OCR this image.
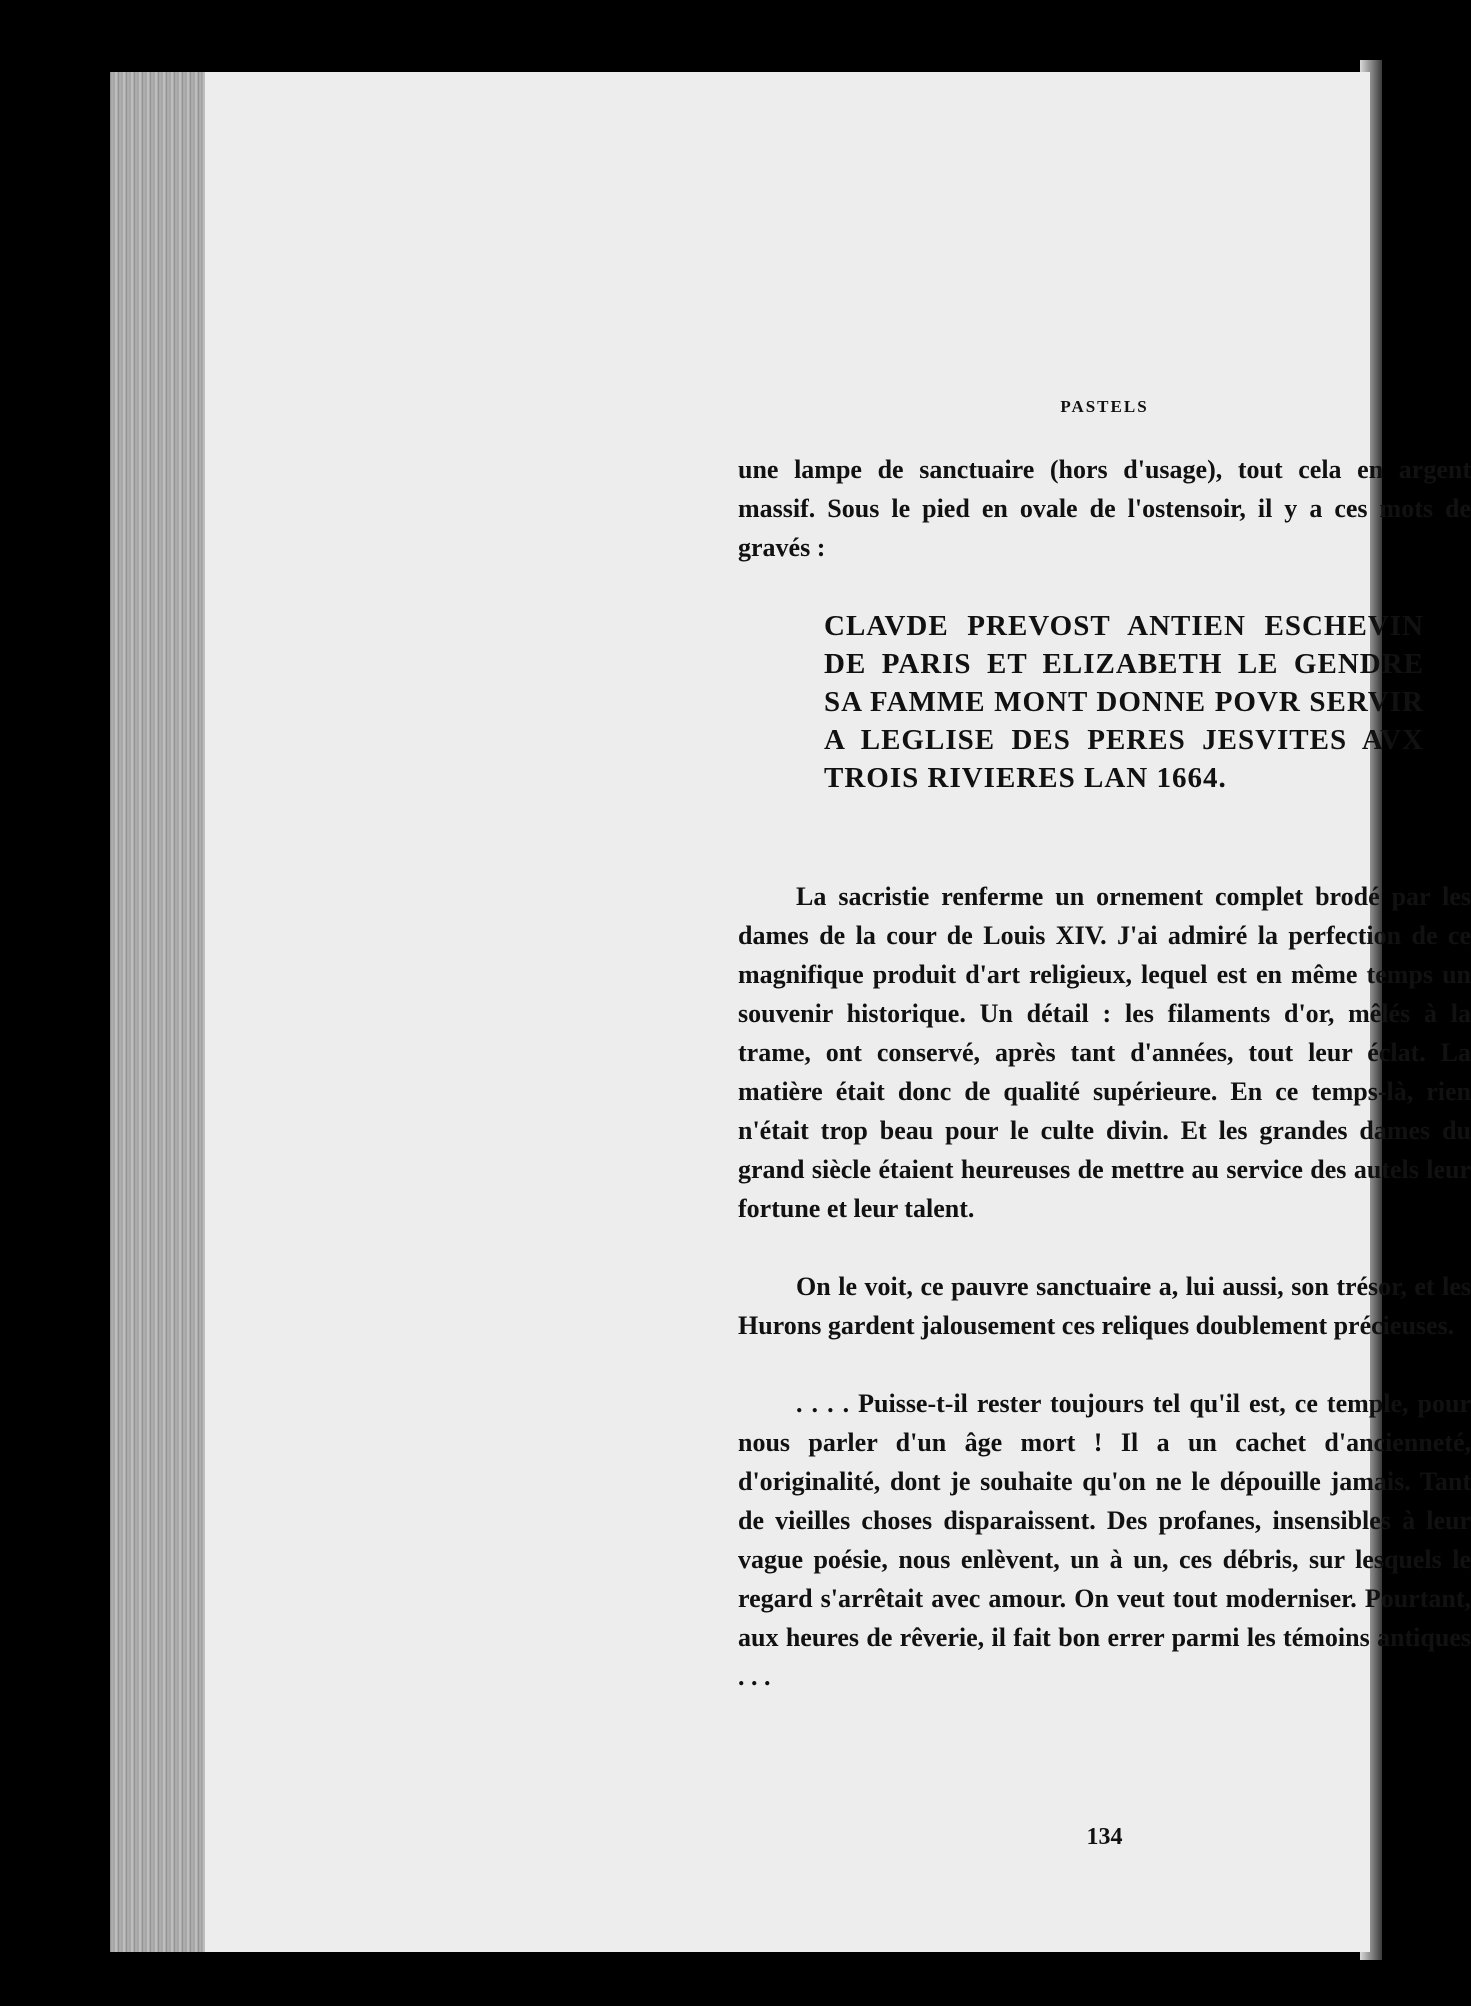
PASTELS

une lampe de sanctuaire (hors d'usage), tout cela en argent massif. Sous le pied en ovale de l'ostensoir, il y a ces mots de gravés :

CLAVDE PREVOST ANTIEN ESCHEVIN DE PARIS ET ELIZABETH LE GENDRE SA FAMME MONT DONNE POVR SERVIR A LEGLISE DES PERES JESVITES AVX TROIS RIVIERES LAN 1664.

La sacristie renferme un ornement complet brodé par les dames de la cour de Louis XIV. J'ai admiré la perfection de ce magnifique produit d'art religieux, lequel est en même temps un souvenir historique. Un détail : les filaments d'or, mêlés à la trame, ont conservé, après tant d'années, tout leur éclat. La matière était donc de qualité supérieure. En ce temps-là, rien n'était trop beau pour le culte divin. Et les grandes dames du grand siècle étaient heureuses de mettre au service des autels leur fortune et leur talent.

On le voit, ce pauvre sanctuaire a, lui aussi, son trésor, et les Hurons gardent jalousement ces reliques doublement précieuses.

. . . . Puisse-t-il rester toujours tel qu'il est, ce temple, pour nous parler d'un âge mort ! Il a un cachet d'ancienneté, d'originalité, dont je souhaite qu'on ne le dépouille jamais. Tant de vieilles choses disparaissent. Des profanes, insensibles à leur vague poésie, nous enlèvent, un à un, ces débris, sur lesquels le regard s'arrêtait avec amour. On veut tout moderniser. Pourtant, aux heures de rêverie, il fait bon errer parmi les témoins antiques . . .

134
